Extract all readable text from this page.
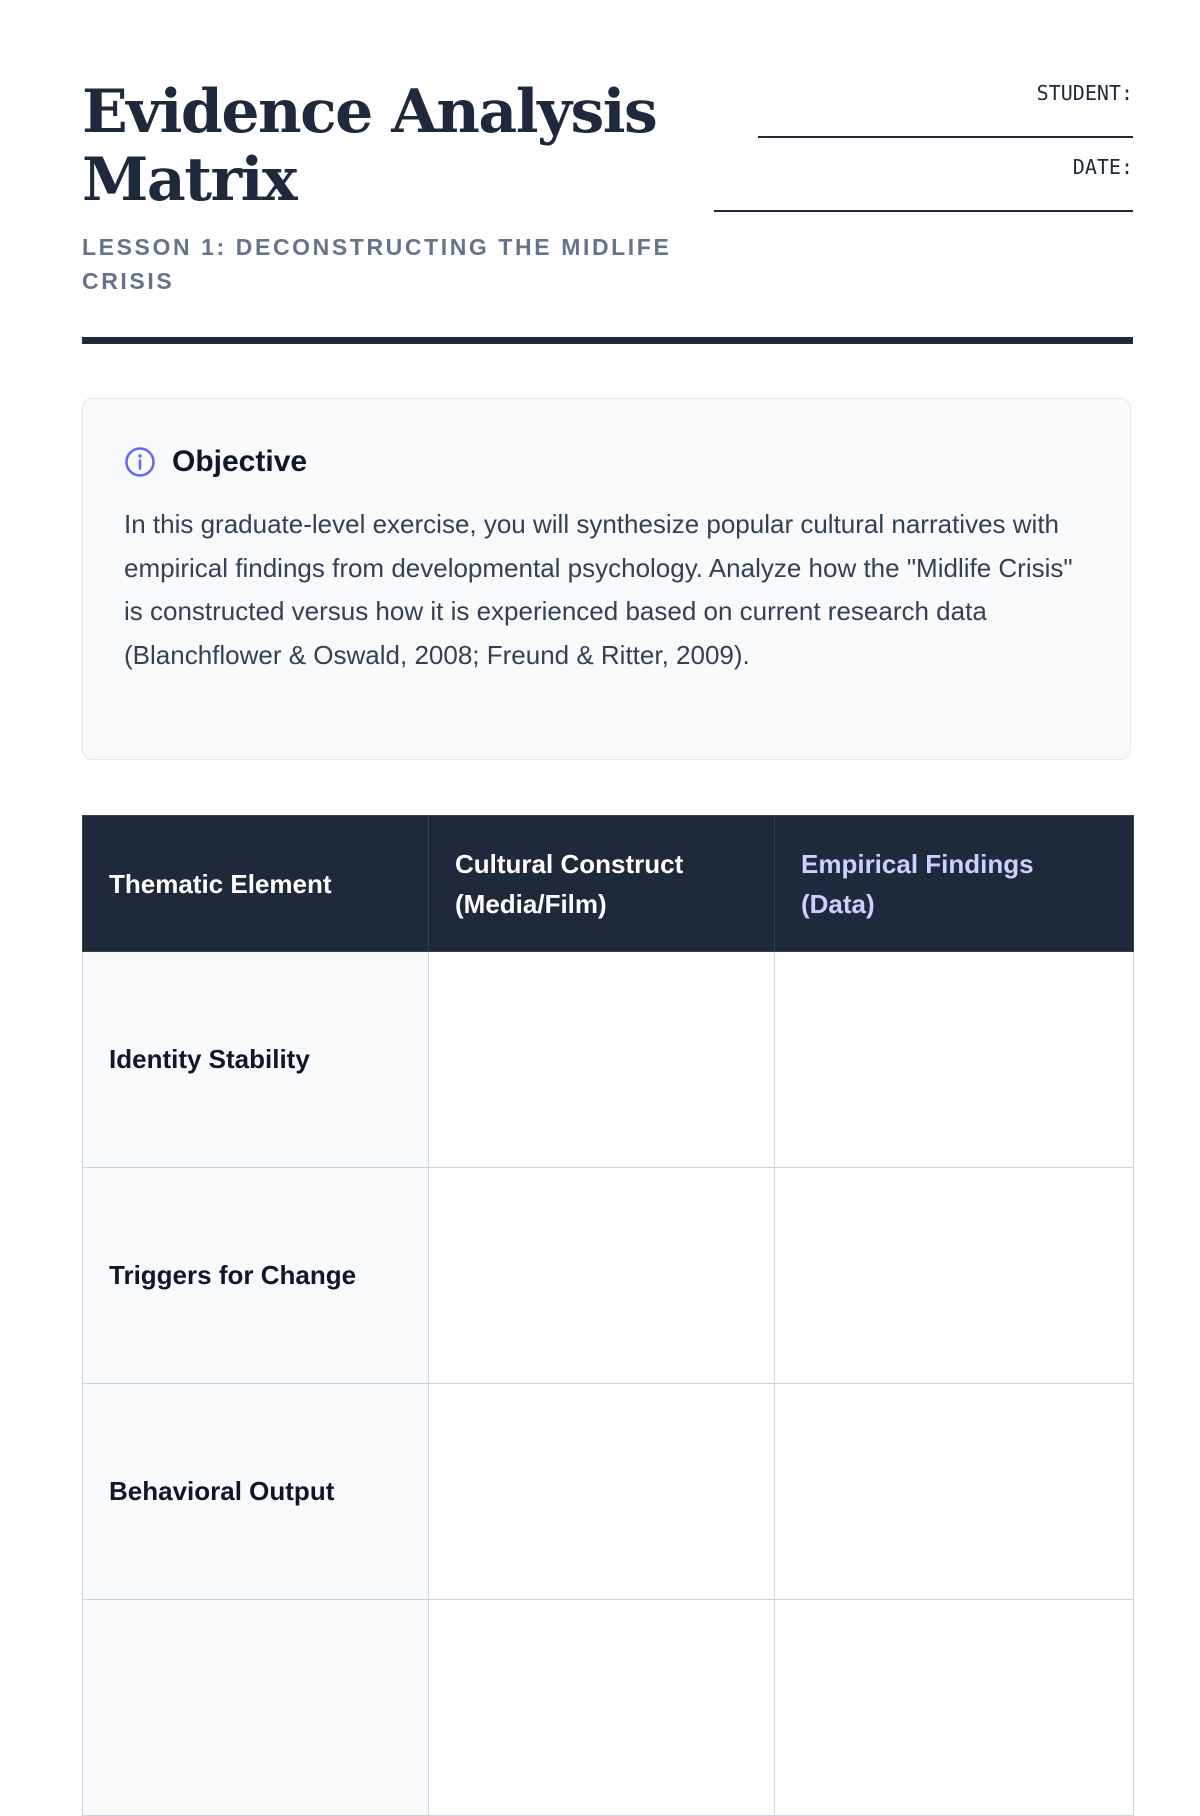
Evidence Analysis Matrix
LESSON 1: DECONSTRUCTING THE MIDLIFE CRISIS
STUDENT:
DATE:
Objective

In this graduate-level exercise, you will synthesize popular cultural narratives with empirical findings from developmental psychology. Analyze how the "Midlife Crisis" is constructed versus how it is experienced based on current research data (Blanchflower & Oswald, 2008; Freund & Ritter, 2009).

Thematic Element	Cultural Construct (Media/Film)	Empirical Findings (Data)
Identity Stability		
Triggers for Change		
Behavioral Output		
